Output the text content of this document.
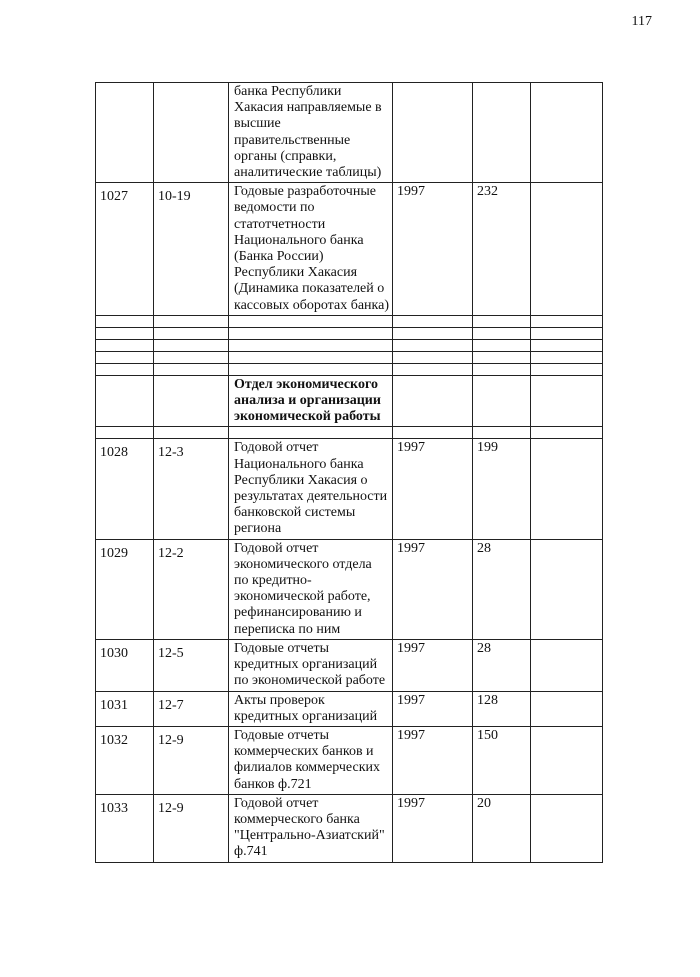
117
		банка Республики Хакасия направляемые в высшие правительственные органы (справки, аналитические таблицы)			
1027	10-19	Годовые разработочные ведомости по статотчетности Национального банка (Банка России) Республики Хакасия (Динамика показателей о кассовых оборотах банка)	1997	232	

		Отдел экономического анализа и организации экономической работы			

1028	12-3	Годовой отчет Национального банка Республики Хакасия о результатах деятельности банковской системы региона	1997	199	
1029	12-2	Годовой отчет экономического отдела по кредитно-экономической работе, рефинансированию и переписка по ним	1997	28	
1030	12-5	Годовые отчеты кредитных организаций по экономической работе	1997	28	
1031	12-7	Акты проверок кредитных организаций	1997	128	
1032	12-9	Годовые отчеты коммерческих банков и филиалов коммерческих банков ф.721	1997	150	
1033	12-9	Годовой отчет коммерческого банка "Центрально-Азиатский" ф.741	1997	20	
